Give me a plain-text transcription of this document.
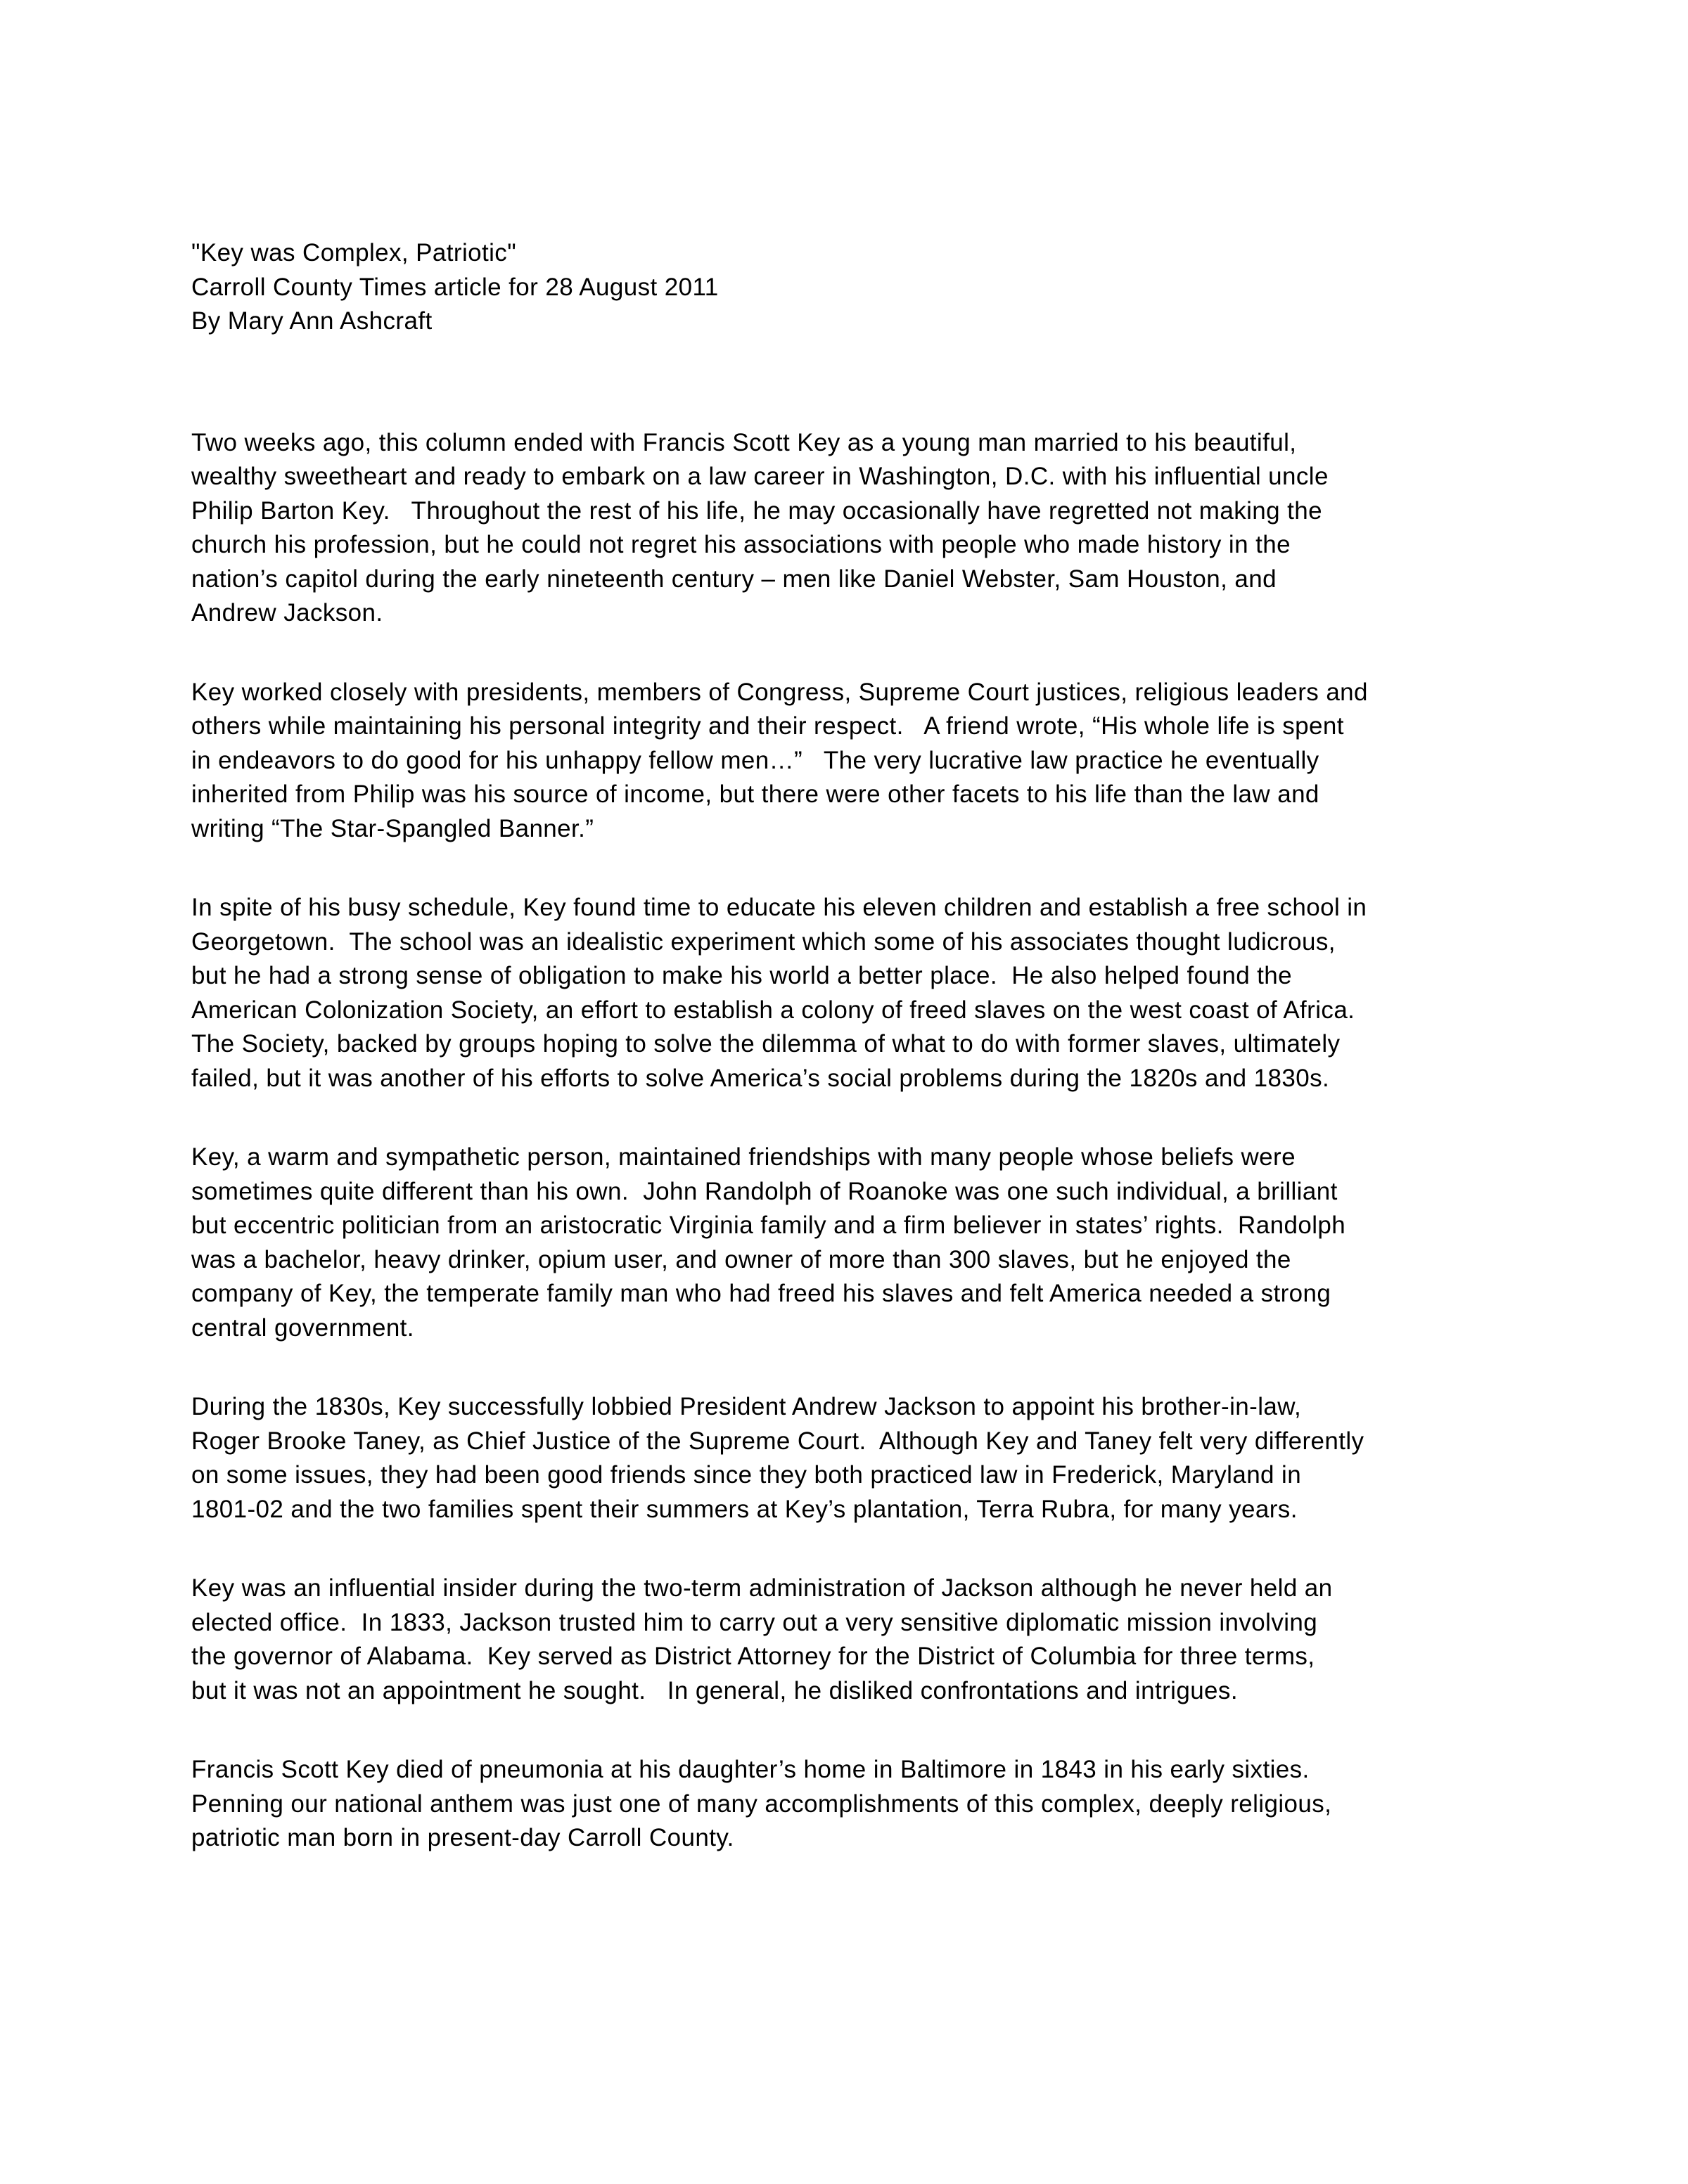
"Key was Complex, Patriotic"
Carroll County Times article for 28 August 2011
By Mary Ann Ashcraft

Two weeks ago, this column ended with Francis Scott Key as a young man married to his beautiful,
wealthy sweetheart and ready to embark on a law career in Washington, D.C. with his influential uncle
Philip Barton Key.   Throughout the rest of his life, he may occasionally have regretted not making the
church his profession, but he could not regret his associations with people who made history in the
nation’s capitol during the early nineteenth century – men like Daniel Webster, Sam Houston, and
Andrew Jackson.

Key worked closely with presidents, members of Congress, Supreme Court justices, religious leaders and
others while maintaining his personal integrity and their respect.   A friend wrote, “His whole life is spent
in endeavors to do good for his unhappy fellow men…”   The very lucrative law practice he eventually
inherited from Philip was his source of income, but there were other facets to his life than the law and
writing “The Star-Spangled Banner.”

In spite of his busy schedule, Key found time to educate his eleven children and establish a free school in
Georgetown.  The school was an idealistic experiment which some of his associates thought ludicrous,
but he had a strong sense of obligation to make his world a better place.  He also helped found the
American Colonization Society, an effort to establish a colony of freed slaves on the west coast of Africa.
The Society, backed by groups hoping to solve the dilemma of what to do with former slaves, ultimately
failed, but it was another of his efforts to solve America’s social problems during the 1820s and 1830s.

Key, a warm and sympathetic person, maintained friendships with many people whose beliefs were
sometimes quite different than his own.  John Randolph of Roanoke was one such individual, a brilliant
but eccentric politician from an aristocratic Virginia family and a firm believer in states’ rights.  Randolph
was a bachelor, heavy drinker, opium user, and owner of more than 300 slaves, but he enjoyed the
company of Key, the temperate family man who had freed his slaves and felt America needed a strong
central government.

During the 1830s, Key successfully lobbied President Andrew Jackson to appoint his brother-in-law,
Roger Brooke Taney, as Chief Justice of the Supreme Court.  Although Key and Taney felt very differently
on some issues, they had been good friends since they both practiced law in Frederick, Maryland in
1801-02 and the two families spent their summers at Key’s plantation, Terra Rubra, for many years.

Key was an influential insider during the two-term administration of Jackson although he never held an
elected office.  In 1833, Jackson trusted him to carry out a very sensitive diplomatic mission involving
the governor of Alabama.  Key served as District Attorney for the District of Columbia for three terms,
but it was not an appointment he sought.   In general, he disliked confrontations and intrigues.

Francis Scott Key died of pneumonia at his daughter’s home in Baltimore in 1843 in his early sixties.
Penning our national anthem was just one of many accomplishments of this complex, deeply religious,
patriotic man born in present-day Carroll County.
